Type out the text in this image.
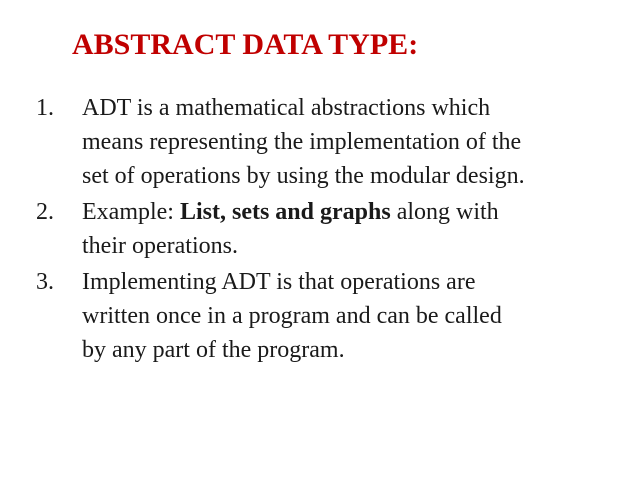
ABSTRACT DATA TYPE:
1.	ADT is a mathematical abstractions which
means representing the implementation of the
set of operations by using the modular design.
2.	Example: List, sets and graphs along with
their operations.
3.	Implementing ADT is that operations are
written once in a program and can be called
by any part of the program.
